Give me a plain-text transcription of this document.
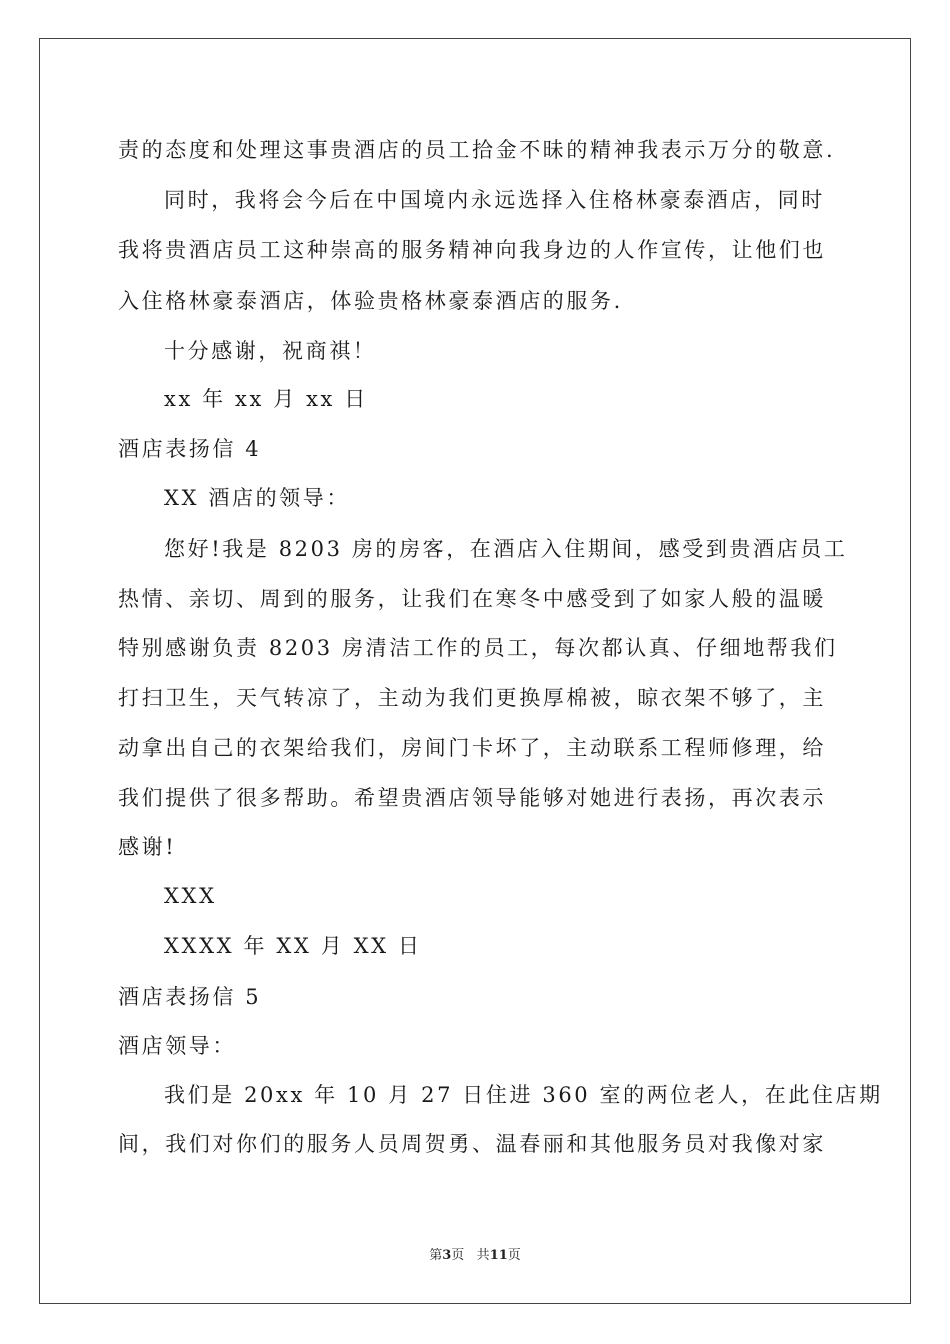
责的态度和处理这事贵酒店的员工拾金不昧的精神我表示万分的敬意.
同时，我将会今后在中国境内永远选择入住格林豪泰酒店，同时
我将贵酒店员工这种崇高的服务精神向我身边的人作宣传，让他们也
入住格林豪泰酒店，体验贵格林豪泰酒店的服务.
十分感谢，祝商祺！
xx 年 xx 月 xx 日
酒店表扬信 4
XX 酒店的领导：
您好!我是 8203 房的房客，在酒店入住期间，感受到贵酒店员工
热情、亲切、周到的服务，让我们在寒冬中感受到了如家人般的温暖
特别感谢负责 8203 房清洁工作的员工，每次都认真、仔细地帮我们
打扫卫生，天气转凉了，主动为我们更换厚棉被，晾衣架不够了，主
动拿出自己的衣架给我们，房间门卡坏了，主动联系工程师修理，给
我们提供了很多帮助。希望贵酒店领导能够对她进行表扬，再次表示
感谢!
XXX
XXXX 年 XX 月 XX 日
酒店表扬信 5
酒店领导：
我们是 20xx 年 10 月 27 日住进 360 室的两位老人，在此住店期
间，我们对你们的服务人员周贺勇、温春丽和其他服务员对我像对家
第3页 共11页
